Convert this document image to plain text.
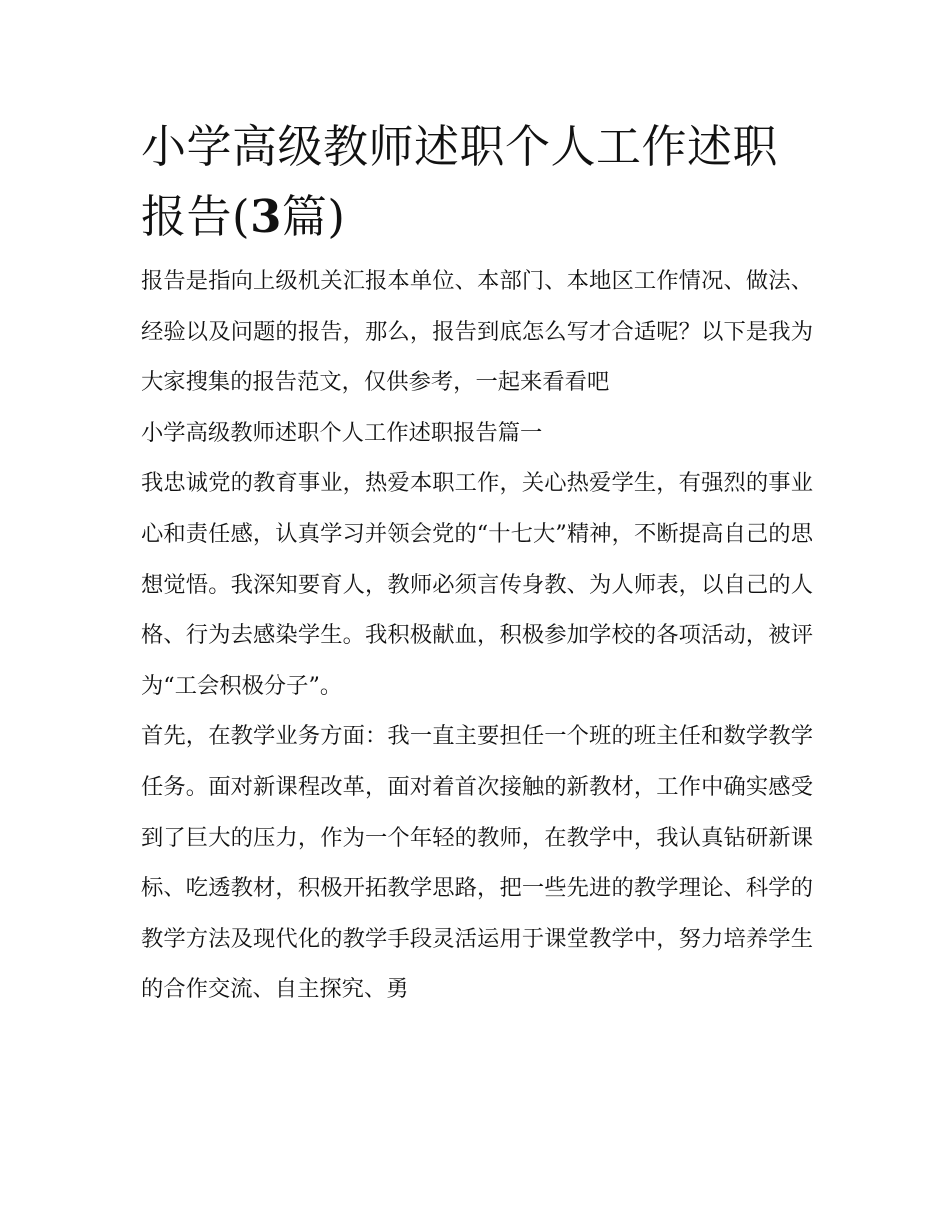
小学高级教师述职个人工作述职报告(3篇)

报告是指向上级机关汇报本单位、本部门、本地区工作情况、做法、经验以及问题的报告，那么，报告到底怎么写才合适呢？以下是我为大家搜集的报告范文，仅供参考，一起来看看吧

小学高级教师述职个人工作述职报告篇一

我忠诚党的教育事业，热爱本职工作，关心热爱学生，有强烈的事业心和责任感，认真学习并领会党的“十七大”精神，不断提高自己的思想觉悟。我深知要育人，教师必须言传身教、为人师表，以自己的人格、行为去感染学生。我积极献血，积极参加学校的各项活动，被评为“工会积极分子”。

首先，在教学业务方面：我一直主要担任一个班的班主任和数学教学任务。面对新课程改革，面对着首次接触的新教材，工作中确实感受到了巨大的压力，作为一个年轻的教师，在教学中，我认真钻研新课标、吃透教材，积极开拓教学思路，把一些先进的教学理论、科学的教学方法及现代化的教学手段灵活运用于课堂教学中，努力培养学生的合作交流、自主探究、勇
